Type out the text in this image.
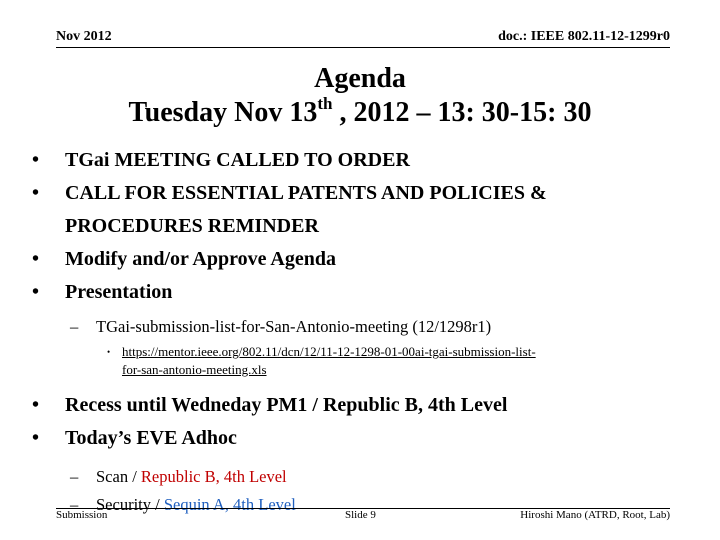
Nov 2012	doc.: IEEE 802.11-12-1299r0
Agenda
Tuesday Nov 13th , 2012 – 13: 30-15: 30
• TGai MEETING CALLED TO ORDER
• CALL FOR ESSENTIAL PATENTS AND POLICIES &
PROCEDURES REMINDER
• Modify and/or Approve Agenda
• Presentation
– TGai-submission-list-for-San-Antonio-meeting (12/1298r1)
• https://mentor.ieee.org/802.11/dcn/12/11-12-1298-01-00ai-tgai-submission-list-
for-san-antonio-meeting.xls
• Recess until Wedneday PM1 / Republic B, 4th Level
• Today’s EVE Adhoc
– Scan / Republic B, 4th Level
– Security / Sequin A, 4th Level
Submission	Slide 9	Hiroshi Mano (ATRD, Root, Lab)
